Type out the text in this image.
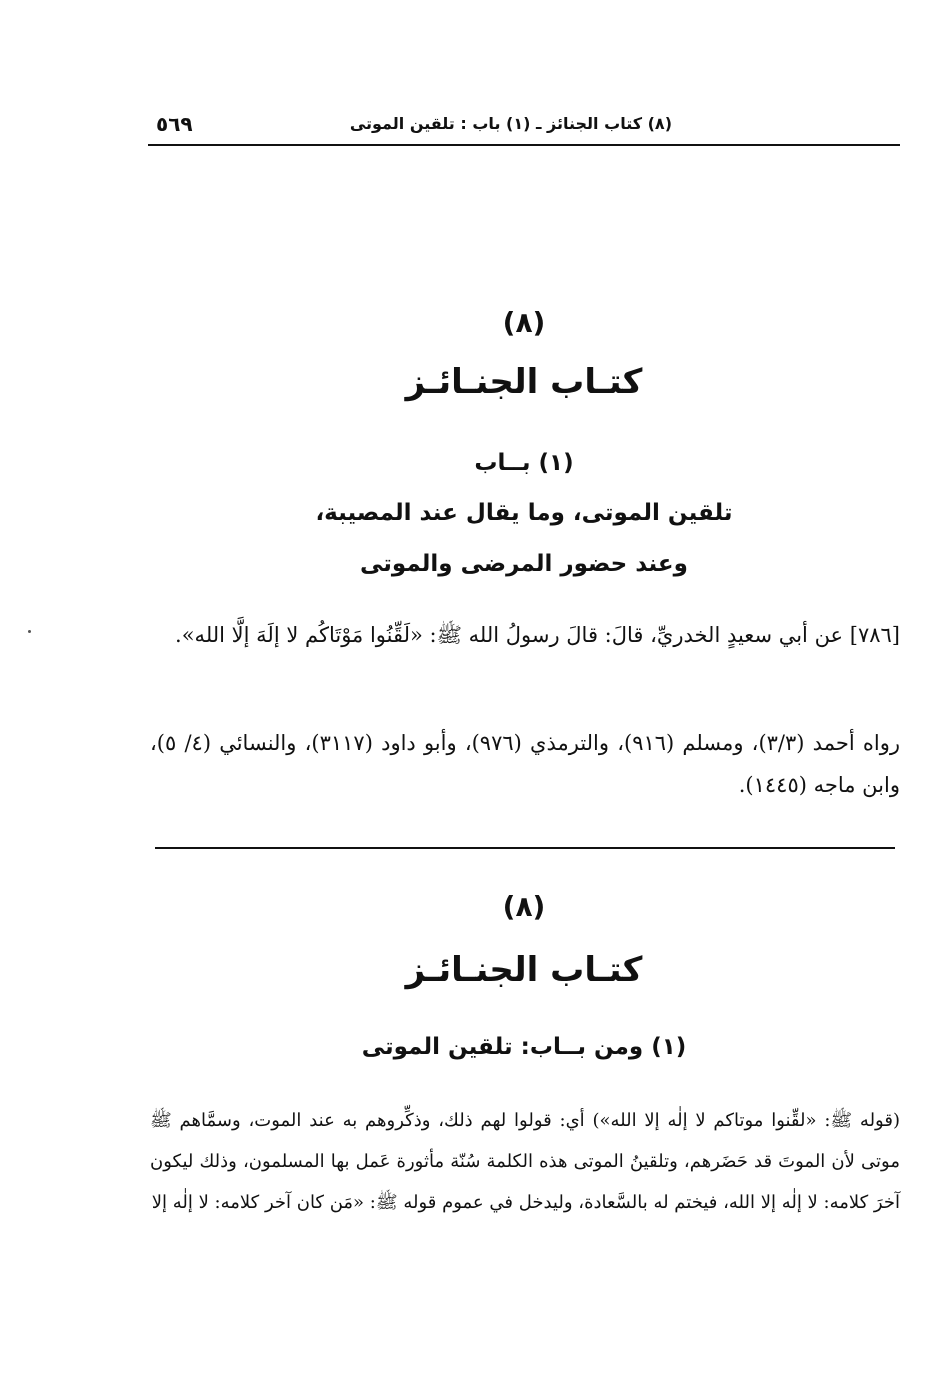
٥٦٩	(٨) كتاب الجنائز ـ (١) باب : تلقين الموتى
(٨)
كتـاب الجنـائـز
(١) بــاب
تلقين الموتى، وما يقال عند المصيبة،
وعند حضور المرضى والموتى
[٧٨٦] عن أبي سعيدٍ الخدريِّ، قالَ: قالَ رسولُ الله ﷺ: «لَقِّنُوا مَوْتَاكُم لا إلَهَ إلَّا الله».
رواه أحمد (٣/٣)، ومسلم (٩١٦)، والترمذي (٩٧٦)، وأبو داود (٣١١٧)، والنسائي (٤/ ٥)، وابن ماجه (١٤٤٥).
(٨)
كتـاب الجنـائـز
(١) ومن بــاب: تلقين الموتى
(قوله ﷺ: «لقِّنوا موتاكم لا إلٰه إلا الله») أي: قولوا لهم ذلك، وذكِّروهم به عند الموت، وسمَّاهم ﷺ موتى لأن الموتَ قد حَضَرهم، وتلقينُ الموتى هذه الكلمة سُنّة مأثورة عَمل بها المسلمون، وذلك ليكون آخرَ كلامه: لا إلٰه إلا الله، فيختم له بالسَّعادة، وليدخل في عموم قوله ﷺ: «مَن كان آخر كلامه: لا إلٰه إلا
